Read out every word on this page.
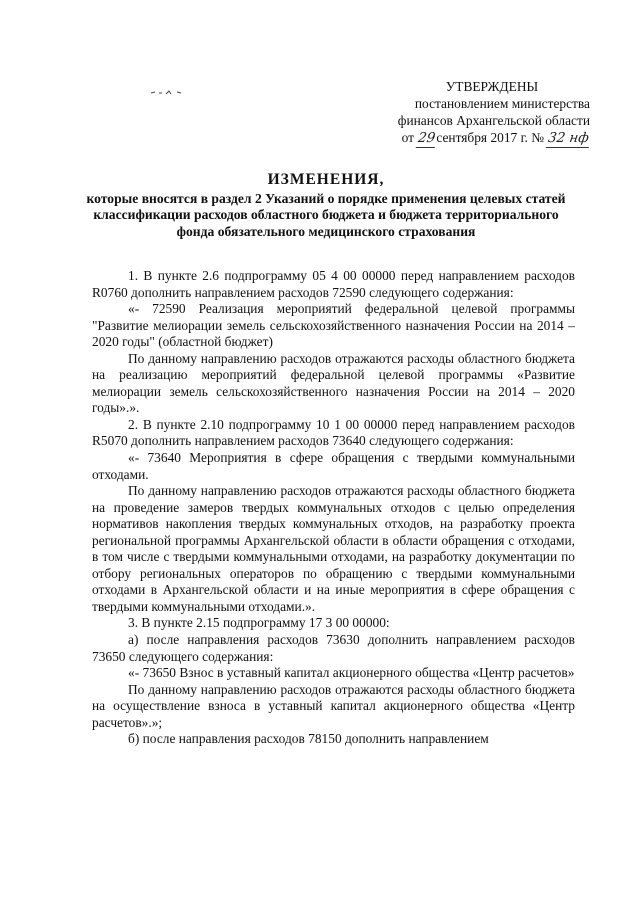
УТВЕРЖДЕНЫ
постановлением министерства
финансов Архангельской области
от 29сентября 2017 г. № 32 нф
ИЗМЕНЕНИЯ,
которые вносятся в раздел 2 Указаний о порядке применения целевых статей классификации расходов областного бюджета и бюджета территориального фонда обязательного медицинского страхования

1. В пункте 2.6 подпрограмму 05 4 00 00000 перед направлением расходов R0760 дополнить направлением расходов 72590 следующего содержания:

«- 72590 Реализация мероприятий федеральной целевой программы "Развитие мелиорации земель сельскохозяйственного назначения России на 2014 – 2020 годы" (областной бюджет)

По данному направлению расходов отражаются расходы областного бюджета на реализацию мероприятий федеральной целевой программы «Развитие мелиорации земель сельскохозяйственного назначения России на 2014 – 2020 годы».».

2. В пункте 2.10 подпрограмму 10 1 00 00000 перед направлением расходов R5070 дополнить направлением расходов 73640 следующего содержания:

«- 73640 Мероприятия в сфере обращения с твердыми коммунальными отходами.

По данному направлению расходов отражаются расходы областного бюджета на проведение замеров твердых коммунальных отходов с целью определения нормативов накопления твердых коммунальных отходов, на разработку проекта региональной программы Архангельской области в области обращения с отходами, в том числе с твердыми коммунальными отходами, на разработку документации по отбору региональных операторов по обращению с твердыми коммунальными отходами в Архангельской области и на иные мероприятия в сфере обращения с твердыми коммунальными отходами.».

3. В пункте 2.15 подпрограмму 17 3 00 00000:

а) после направления расходов 73630 дополнить направлением расходов 73650 следующего содержания:

«- 73650 Взнос в уставный капитал акционерного общества «Центр расчетов»

По данному направлению расходов отражаются расходы областного бюджета на осуществление взноса в уставный капитал акционерного общества «Центр расчетов».»;

б) после направления расходов 78150 дополнить направлением
